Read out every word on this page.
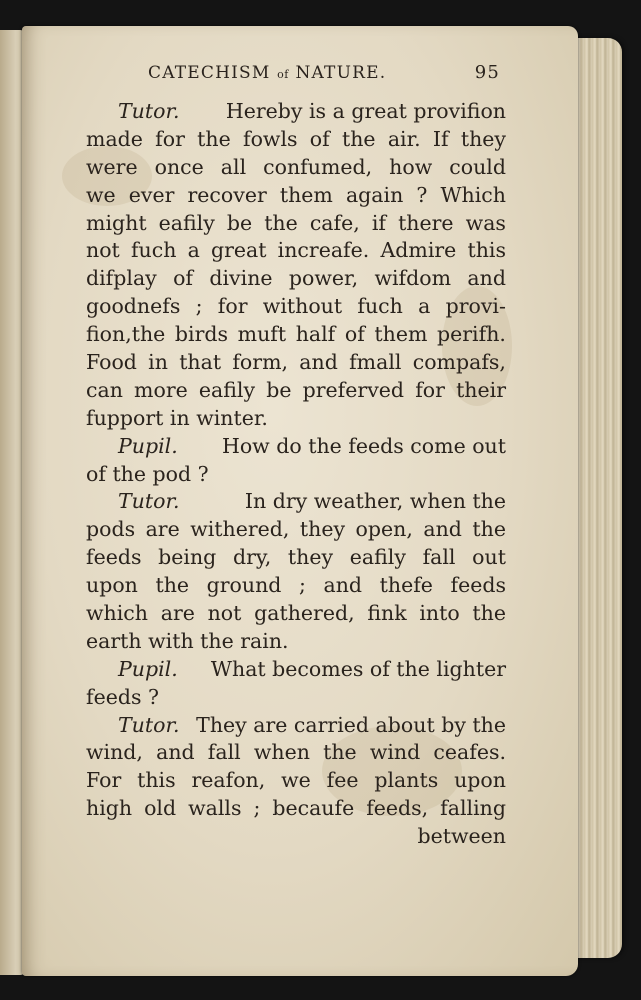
CATECHISM of NATURE.	95
Tutor. Hereby is a great provifion
made for the fowls of the air. If they
were once all confumed, how could
we ever recover them again ? Which
might eafily be the cafe, if there was
not fuch a great increafe. Admire this
difplay of divine power, wifdom and
goodnefs ; for without fuch a provi-
fion,the birds muft half of them perifh.
Food in that form, and fmall compafs,
can more eafily be preferved for their
fupport in winter.
Pupil. How do the feeds come out
of the pod ?
Tutor.	In dry weather, when the
pods are withered, they open, and the
feeds being dry, they eafily fall out
upon the ground ; and thefe feeds
which are not gathered, fink into the
earth with the rain.
Pupil. What becomes of the lighter
feeds ?
Tutor. They are carried about by the
wind, and fall when the wind ceafes.
For this reafon, we fee plants upon
high old walls ; becaufe feeds, falling
between
